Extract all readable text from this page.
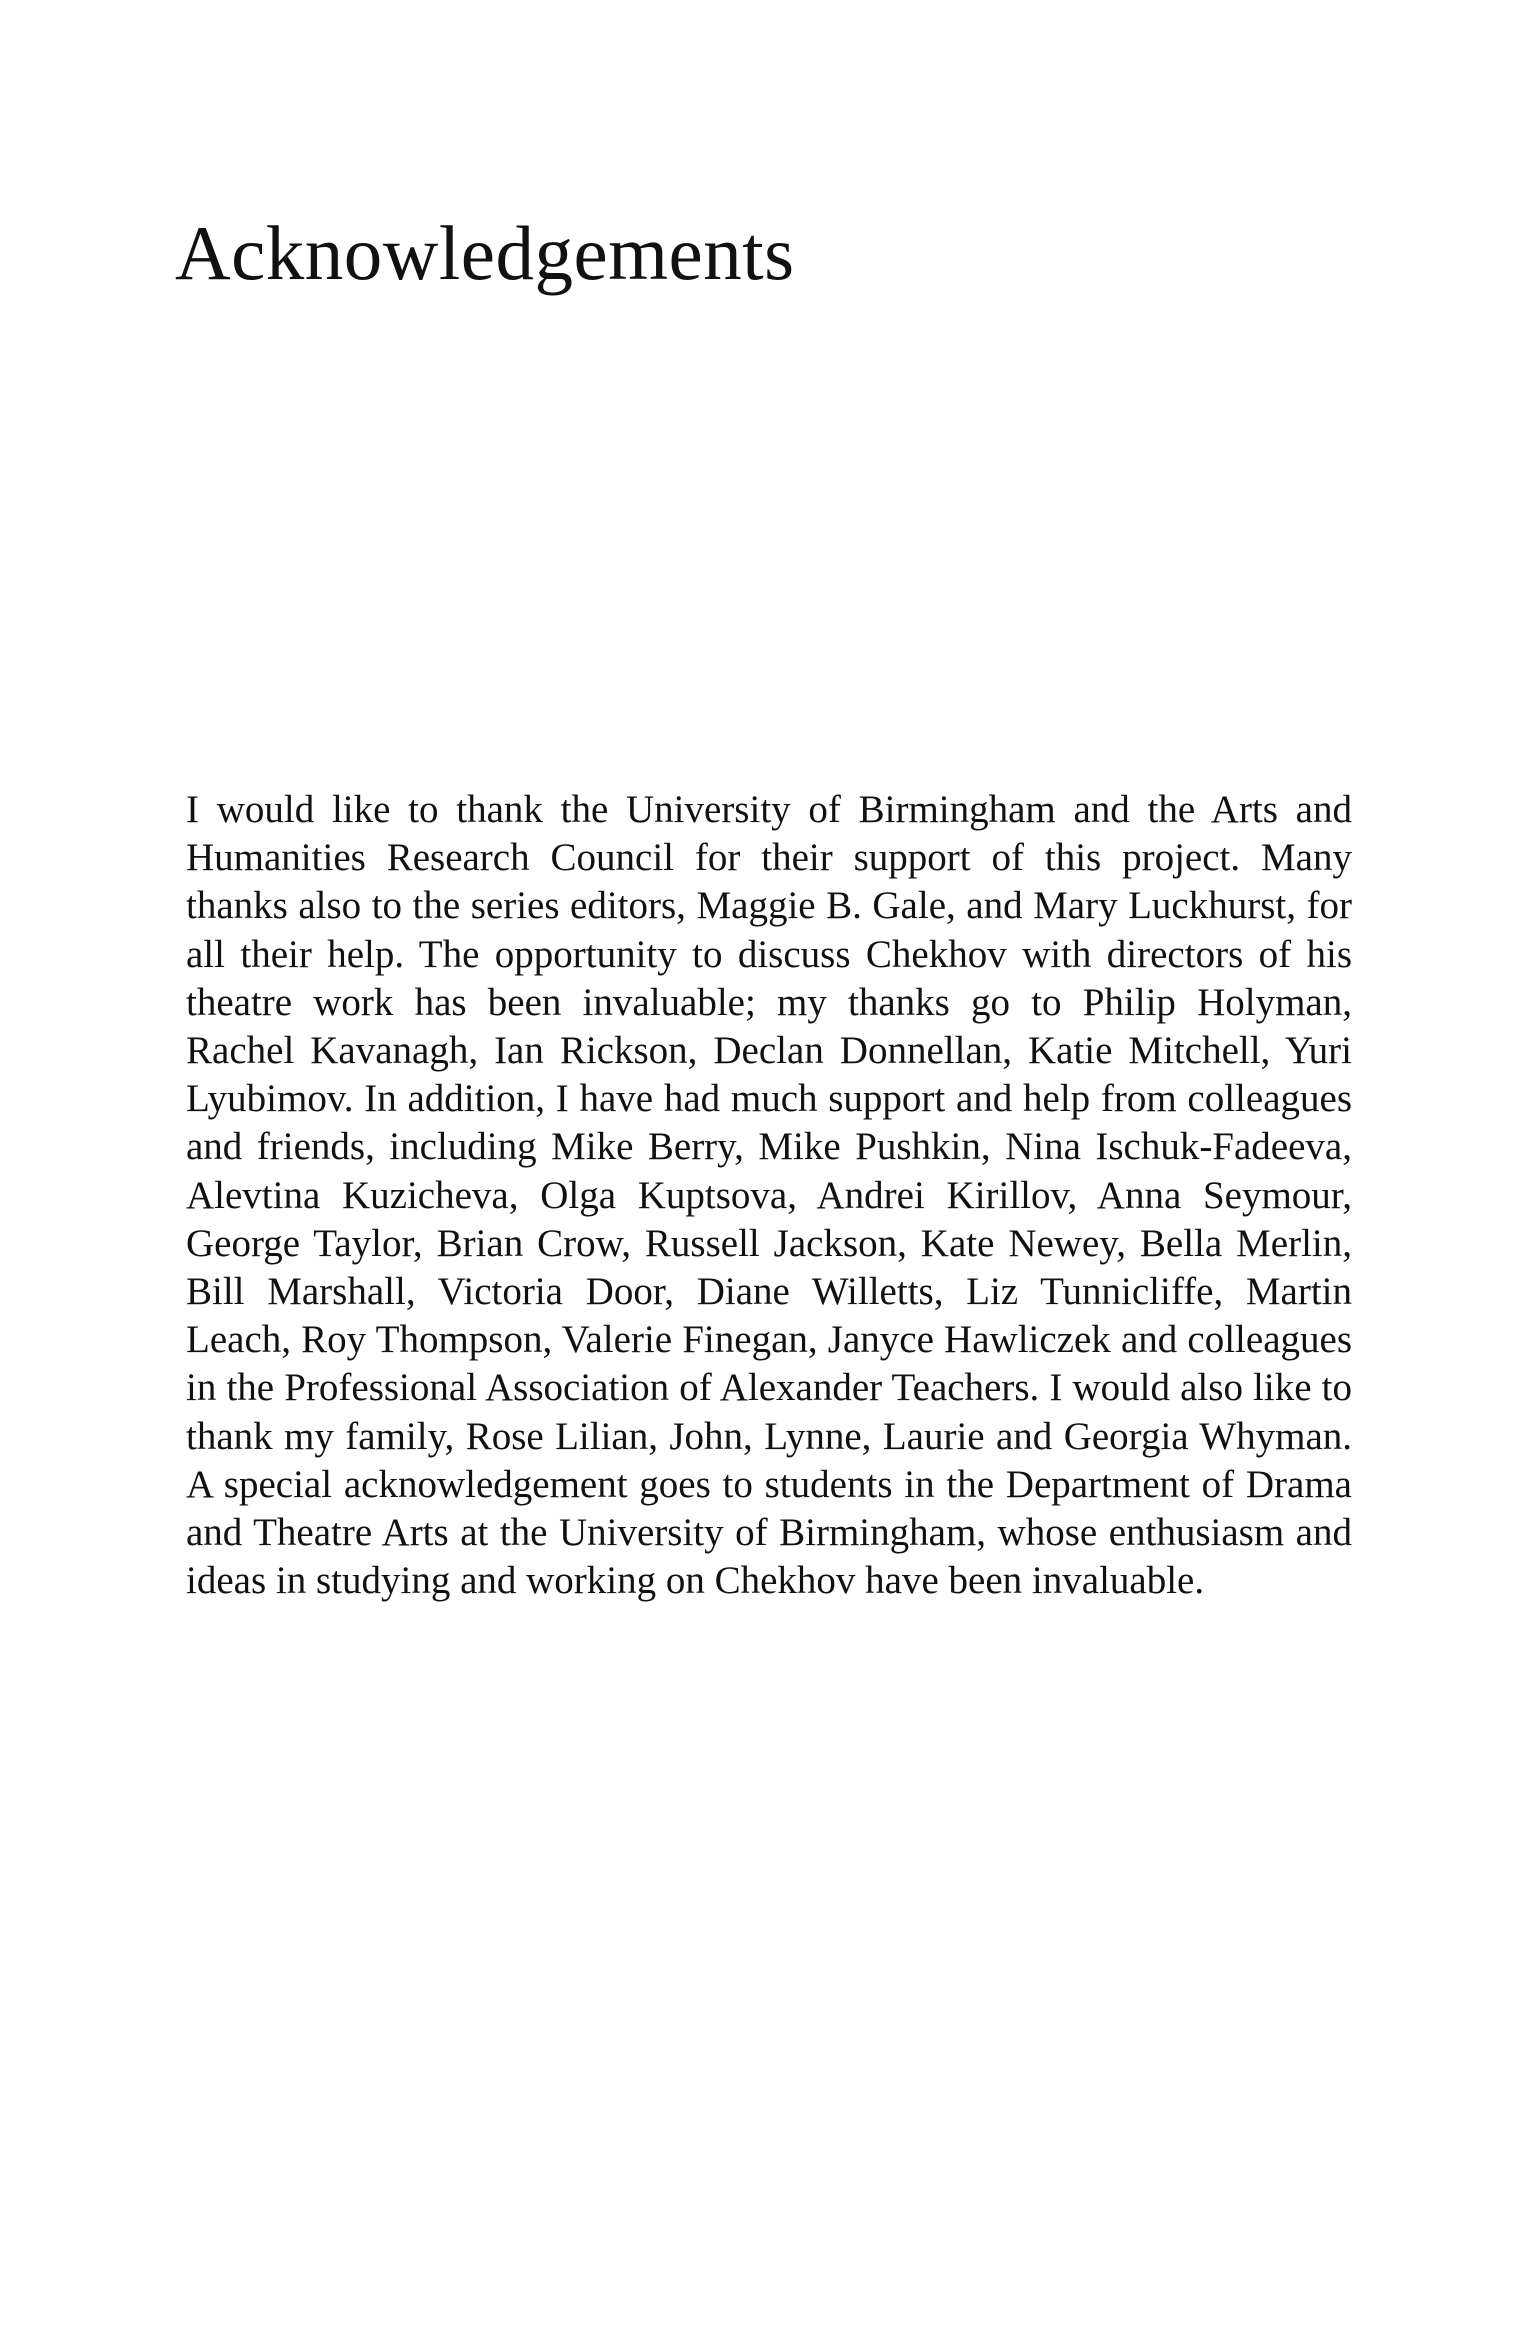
Acknowledgements

I would like to thank the University of Birmingham and the Arts and Humanities Research Council for their support of this project. Many thanks also to the series editors, Maggie B. Gale, and Mary Luckhurst, for all their help. The opportunity to discuss Chekhov with directors of his theatre work has been invaluable; my thanks go to Philip Holyman, Rachel Kavanagh, Ian Rickson, Declan Donnellan, Katie Mitchell, Yuri Lyubimov. In addition, I have had much support and help from colleagues and friends, including Mike Berry, Mike Pushkin, Nina Ischuk-Fadeeva, Alevtina Kuzicheva, Olga Kuptsova, Andrei Kirillov, Anna Seymour, George Taylor, Brian Crow, Russell Jackson, Kate Newey, Bella Merlin, Bill Marshall, Victoria Door, Diane Willetts, Liz Tunnicliffe, Martin Leach, Roy Thompson, Valerie Finegan, Janyce Hawliczek and colleagues in the Professional Association of Alexander Teachers. I would also like to thank my family, Rose Lilian, John, Lynne, Laurie and Georgia Whyman. A special acknowledgement goes to students in the Department of Drama and Theatre Arts at the University of Birmingham, whose enthusiasm and ideas in studying and working on Chekhov have been invaluable.
